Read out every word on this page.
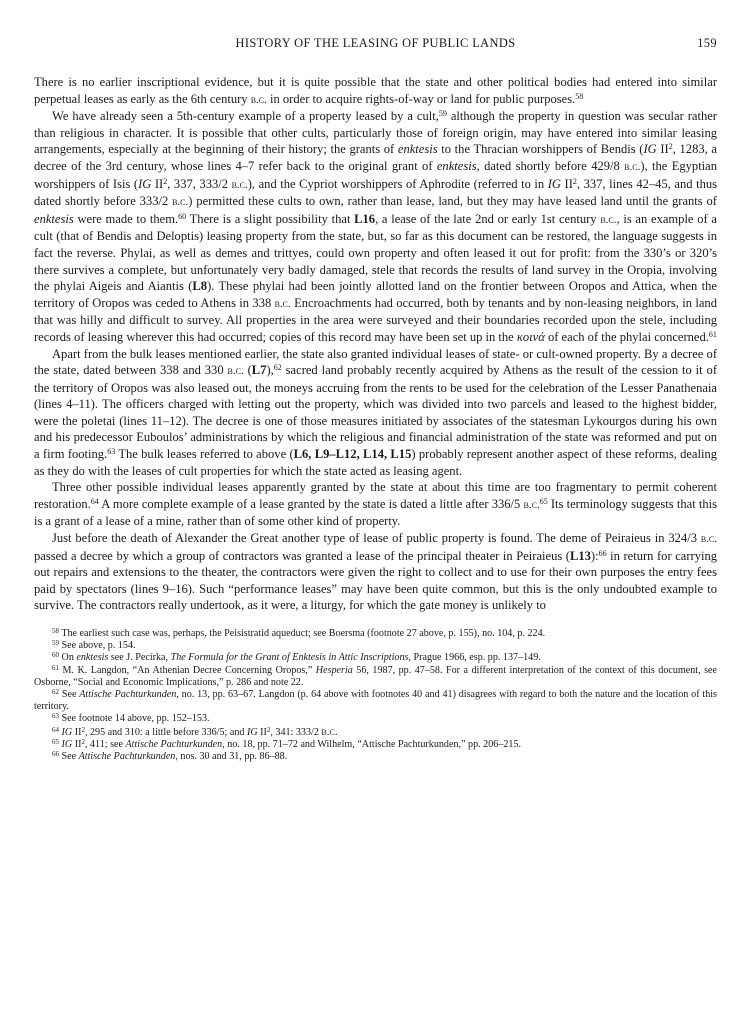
HISTORY OF THE LEASING OF PUBLIC LANDS	159

There is no earlier inscriptional evidence, but it is quite possible that the state and other political bodies had entered into similar perpetual leases as early as the 6th century b.c. in order to acquire rights-of-way or land for public purposes.$^{58}$

We have already seen a 5th-century example of a property leased by a cult,$^{59}$ although the property in question was secular rather than religious in character. It is possible that other cults, particularly those of foreign origin, may have entered into similar leasing arrangements, especially at the beginning of their history; the grants of enktesis to the Thracian worshippers of Bendis (IG $II^2$, 1283, a decree of the 3rd century, whose lines 4–7 refer back to the original grant of enktesis, dated shortly before 429/8 b.c.), the Egyptian worshippers of Isis (IG $II^2$, 337, 333/2 b.c.), and the Cypriot worshippers of Aphrodite (referred to in IG $II^2$, 337, lines 42–45, and thus dated shortly before 333/2 b.c.) permitted these cults to own, rather than lease, land, but they may have leased land until the grants of enktesis were made to them.$^{60}$ There is a slight possibility that L16, a lease of the late 2nd or early 1st century b.c., is an example of a cult (that of Bendis and Deloptis) leasing property from the state, but, so far as this document can be restored, the language suggests in fact the reverse. Phylai, as well as demes and trittyes, could own property and often leased it out for profit: from the 330’s or 320’s there survives a complete, but unfortunately very badly damaged, stele that records the results of land survey in the Oropia, involving the phylai Aigeis and Aiantis (L8). These phylai had been jointly allotted land on the frontier between Oropos and Attica, when the territory of Oropos was ceded to Athens in 338 b.c. Encroachments had occurred, both by tenants and by non-leasing neighbors, in land that was hilly and difficult to survey. All properties in the area were surveyed and their boundaries recorded upon the stele, including records of leasing wherever this had occurred; copies of this record may have been set up in the κοινά of each of the phylai concerned.$^{61}$

Apart from the bulk leases mentioned earlier, the state also granted individual leases of state- or cult-owned property. By a decree of the state, dated between 338 and 330 b.c. (L7),$^{62}$ sacred land probably recently acquired by Athens as the result of the cession to it of the territory of Oropos was also leased out, the moneys accruing from the rents to be used for the celebration of the Lesser Panathenaia (lines 4–11). The officers charged with letting out the property, which was divided into two parcels and leased to the highest bidder, were the poletai (lines 11–12). The decree is one of those measures initiated by associates of the statesman Lykourgos during his own and his predecessor Euboulos’ administrations by which the religious and financial administration of the state was reformed and put on a firm footing.$^{63}$ The bulk leases referred to above (L6, L9–L12, L14, L15) probably represent another aspect of these reforms, dealing as they do with the leases of cult properties for which the state acted as leasing agent.

Three other possible individual leases apparently granted by the state at about this time are too fragmentary to permit coherent restoration.$^{64}$ A more complete example of a lease granted by the state is dated a little after 336/5 b.c.$^{65}$ Its terminology suggests that this is a grant of a lease of a mine, rather than of some other kind of property.

Just before the death of Alexander the Great another type of lease of public property is found. The deme of Peiraieus in 324/3 b.c. passed a decree by which a group of contractors was granted a lease of the principal theater in Peiraieus (L13):$^{66}$ in return for carrying out repairs and extensions to the theater, the contractors were given the right to collect and to use for their own purposes the entry fees paid by spectators (lines 9–16). Such “performance leases” may have been quite common, but this is the only undoubted example to survive. The contractors really undertook, as it were, a liturgy, for which the gate money is unlikely to

$^{58}$ The earliest such case was, perhaps, the Peisistratid aqueduct; see Boersma (footnote 27 above, p. 155), no. 104, p. 224.

$^{59}$ See above, p. 154.

$^{60}$ On enktesis see J. Pecírka, The Formula for the Grant of Enktesis in Attic Inscriptions, Prague 1966, esp. pp. 137–149.

$^{61}$ M. K. Langdon, “An Athenian Decree Concerning Oropos,” Hesperia 56, 1987, pp. 47–58. For a different interpretation of the context of this document, see Osborne, “Social and Economic Implications,” p. 286 and note 22.

$^{62}$ See Attische Pachturkunden, no. 13, pp. 63–67. Langdon (p. 64 above with footnotes 40 and 41) disagrees with regard to both the nature and the location of this territory.

$^{63}$ See footnote 14 above, pp. 152–153.

$^{64}$ IG $II^2$, 295 and 310: a little before 336/5; and IG $II^2$, 341: 333/2 b.c.

$^{65}$ IG $II^2$, 411; see Attische Pachturkunden, no. 18, pp. 71–72 and Wilhelm, “Attische Pachturkunden,” pp. 206–215.

$^{66}$ See Attische Pachturkunden, nos. 30 and 31, pp. 86–88.
